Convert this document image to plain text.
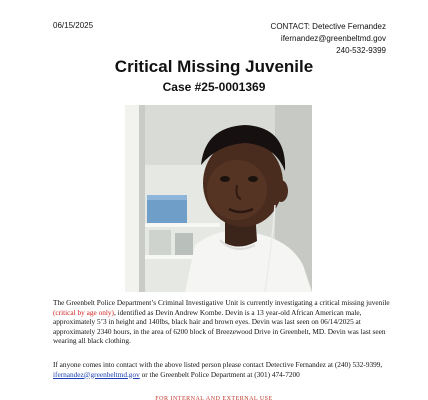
06/15/2025	CONTACT: Detective Fernandez
ifernandez@greenbeltmd.gov
240-532-9399
Critical Missing Juvenile
Case #25-0001369
The Greenbelt Police Department’s Criminal Investigative Unit is currently investigating a critical missing juvenile (critical by age only), identified as Devin Andrew Kombe. Devin is a 13 year-old African American male, approximately 5’3 in height and 140lbs, black hair and brown eyes. Devin was last seen on 06/14/2025 at approximately 2340 hours, in the area of 6200 block of Breezewood Drive in Greenbelt, MD. Devin was last seen wearing all black clothing.
If anyone comes into contact with the above listed person please contact Detective Fernandez at (240) 532-9399, ifernandez@greenbeltmd.gov or the Greenbelt Police Department at (301) 474-7200
FOR INTERNAL AND EXTERNAL USE
